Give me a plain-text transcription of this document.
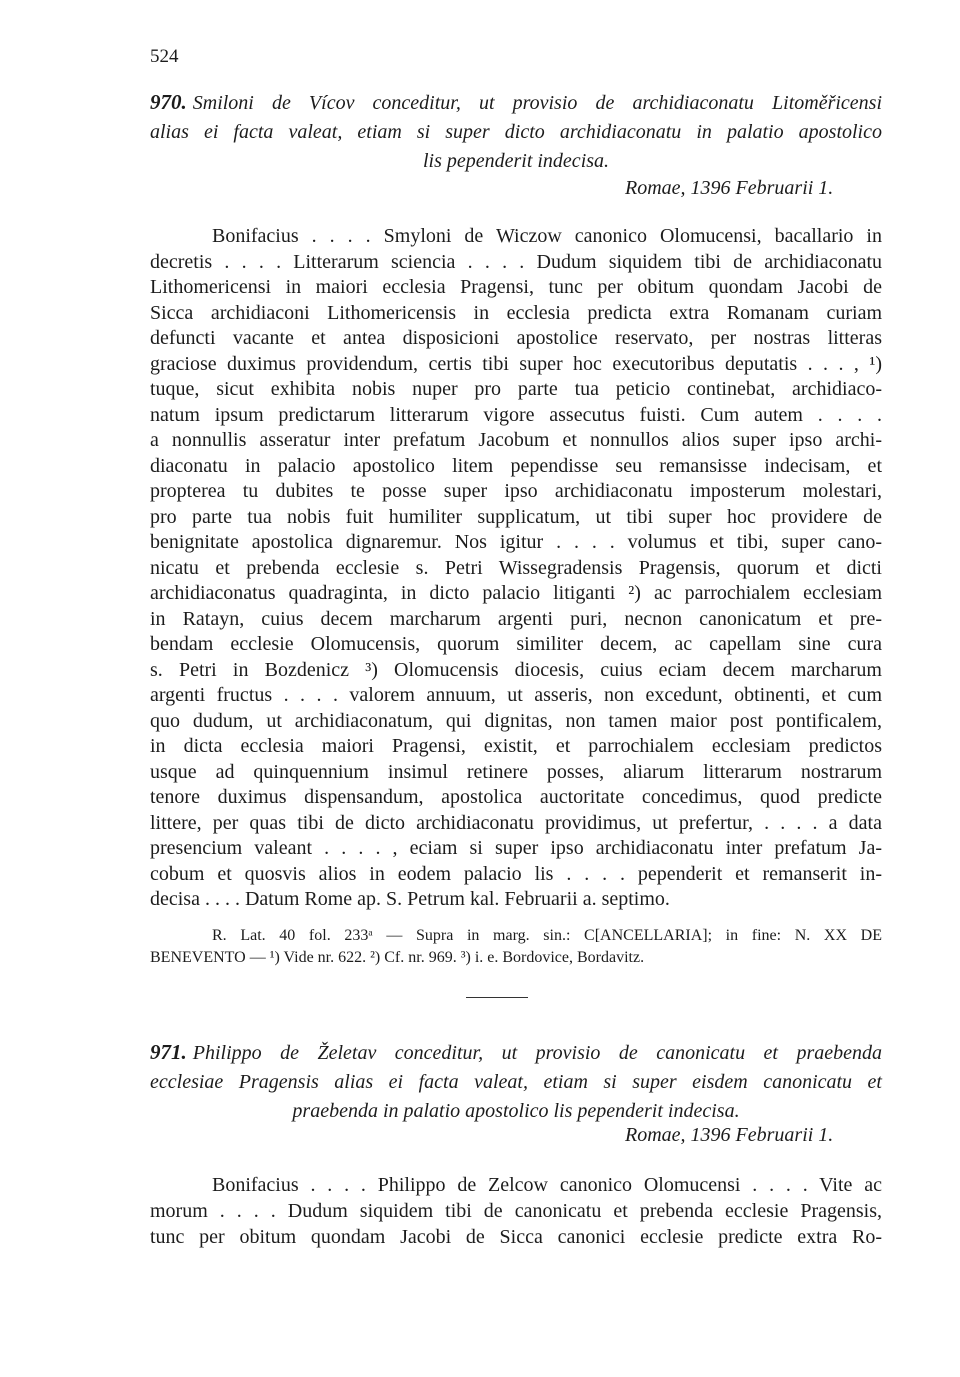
524
970. Smiloni de Vícov conceditur, ut provisio de archidiaconatu Litoměřicensi
alias ei facta valeat, etiam si super dicto archidiaconatu in palatio apostolico
lis pependerit indecisa.
Romae, 1396 Februarii 1.
Bonifacius . . . . Smyloni de Wiczow canonico Olomucensi, bacallario in
decretis . . . . Litterarum sciencia . . . . Dudum siquidem tibi de archidiaconatu
Lithomericensi in maiori ecclesia Pragensi, tunc per obitum quondam Jacobi de
Sicca archidiaconi Lithomericensis in ecclesia predicta extra Romanam curiam
defuncti vacante et antea disposicioni apostolice reservato, per nostras litteras
graciose duximus providendum, certis tibi super hoc executoribus deputatis . . . , ¹)
tuque, sicut exhibita nobis nuper pro parte tua peticio continebat, archidiaco-
natum ipsum predictarum litterarum vigore assecutus fuisti. Cum autem . . . .
a nonnullis asseratur inter prefatum Jacobum et nonnullos alios super ipso archi-
diaconatu in palacio apostolico litem pependisse seu remansisse indecisam, et
propterea tu dubites te posse super ipso archidiaconatu imposterum molestari,
pro parte tua nobis fuit humiliter supplicatum, ut tibi super hoc providere de
benignitate apostolica dignaremur. Nos igitur . . . . volumus et tibi, super cano-
nicatu et prebenda ecclesie s. Petri Wissegradensis Pragensis, quorum et dicti
archidiaconatus quadraginta, in dicto palacio litiganti ²) ac parrochialem ecclesiam
in Ratayn, cuius decem marcharum argenti puri, necnon canonicatum et pre-
bendam ecclesie Olomucensis, quorum similiter decem, ac capellam sine cura
s. Petri in Bozdenicz ³) Olomucensis diocesis, cuius eciam decem marcharum
argenti fructus . . . . valorem annuum, ut asseris, non excedunt, obtinenti, et cum
quo dudum, ut archidiaconatum, qui dignitas, non tamen maior post pontificalem,
in dicta ecclesia maiori Pragensi, existit, et parrochialem ecclesiam predictos
usque ad quinquennium insimul retinere posses, aliarum litterarum nostrarum
tenore duximus dispensandum, apostolica auctoritate concedimus, quod predicte
littere, per quas tibi de dicto archidiaconatu providimus, ut prefertur, . . . . a data
presencium valeant . . . . , eciam si super ipso archidiaconatu inter prefatum Ja-
cobum et quosvis alios in eodem palacio lis . . . . pependerit et remanserit in-
decisa . . . . Datum Rome ap. S. Petrum kal. Februarii a. septimo.
R. Lat. 40 fol. 233ᵃ — Supra in marg. sin.: C[ANCELLARIA]; in fine: N. XX DE
BENEVENTO — ¹) Vide nr. 622. ²) Cf. nr. 969. ³) i. e. Bordovice, Bordavitz.
971. Philippo de Želetav conceditur, ut provisio de canonicatu et praebenda
ecclesiae Pragensis alias ei facta valeat, etiam si super eisdem canonicatu et
praebenda in palatio apostolico lis pependerit indecisa.
Romae, 1396 Februarii 1.
Bonifacius . . . . Philippo de Zelcow canonico Olomucensi . . . . Vite ac
morum . . . . Dudum siquidem tibi de canonicatu et prebenda ecclesie Pragensis,
tunc per obitum quondam Jacobi de Sicca canonici ecclesie predicte extra Ro-
